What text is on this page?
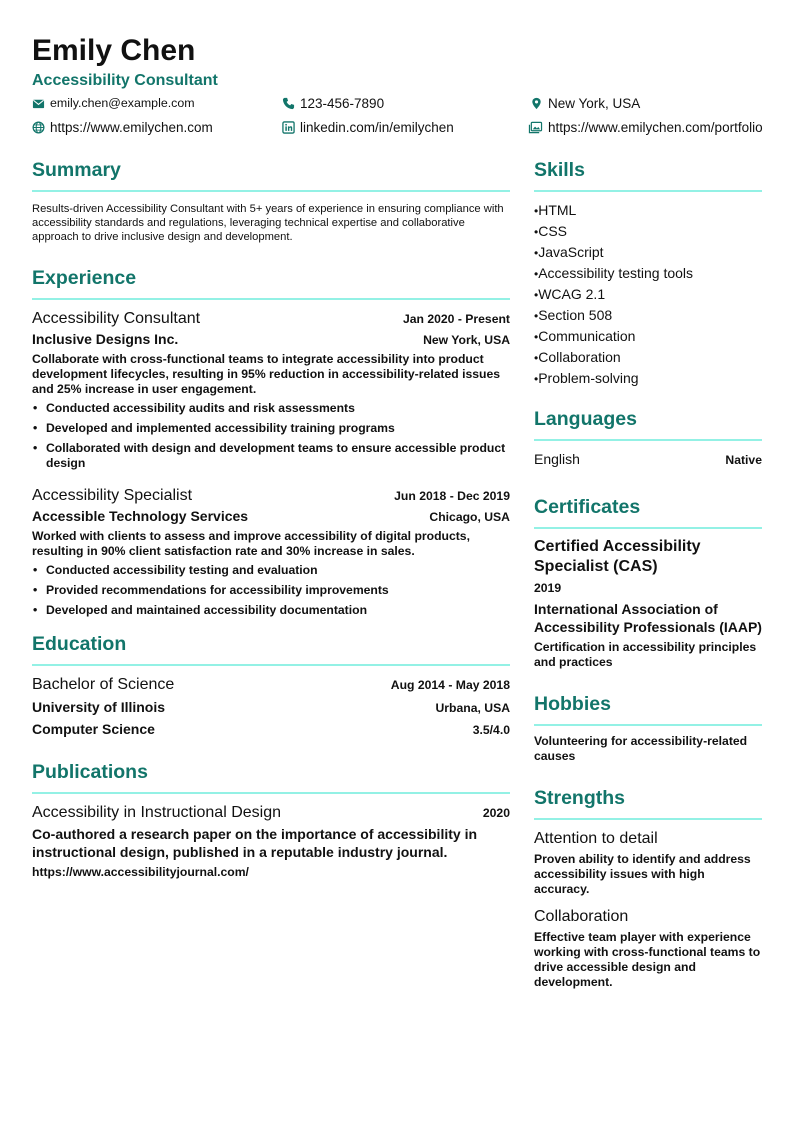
Emily Chen
Accessibility Consultant
emily.chen@example.com	123-456-7890	New York, USA
https://www.emilychen.com	linkedin.com/in/emilychen	https://www.emilychen.com/portfolio
Summary

Results-driven Accessibility Consultant with 5+ years of experience in ensuring compliance with accessibility standards and regulations, leveraging technical expertise and collaborative approach to drive inclusive design and development.

Experience
Accessibility Consultant	Jan 2020 - Present
Inclusive Designs Inc.	New York, USA

Collaborate with cross-functional teams to integrate accessibility into product development lifecycles, resulting in 95% reduction in accessibility-related issues and 25% increase in user engagement.

• Conducted accessibility audits and risk assessments
• Developed and implemented accessibility training programs
• Collaborated with design and development teams to ensure accessible product design
Accessibility Specialist	Jun 2018 - Dec 2019
Accessible Technology Services	Chicago, USA

Worked with clients to assess and improve accessibility of digital products, resulting in 90% client satisfaction rate and 30% increase in sales.

• Conducted accessibility testing and evaluation
• Provided recommendations for accessibility improvements
• Developed and maintained accessibility documentation
Education
Bachelor of Science	Aug 2014 - May 2018
University of Illinois	Urbana, USA
Computer Science	3.5/4.0
Publications
Accessibility in Instructional Design	2020

Co-authored a research paper on the importance of accessibility in instructional design, published in a reputable industry journal.

https://www.accessibilityjournal.com/

Skills
• HTML
• CSS
• JavaScript
• Accessibility testing tools
• WCAG 2.1
• Section 508
• Communication
• Collaboration
• Problem-solving
Languages
English	Native
Certificates
Certified Accessibility Specialist (CAS)
2019
International Association of Accessibility Professionals (IAAP)
Certification in accessibility principles and practices
Hobbies

Volunteering for accessibility-related causes

Strengths
Attention to detail
Proven ability to identify and address accessibility issues with high accuracy.
Collaboration
Effective team player with experience working with cross-functional teams to drive accessible design and development.
